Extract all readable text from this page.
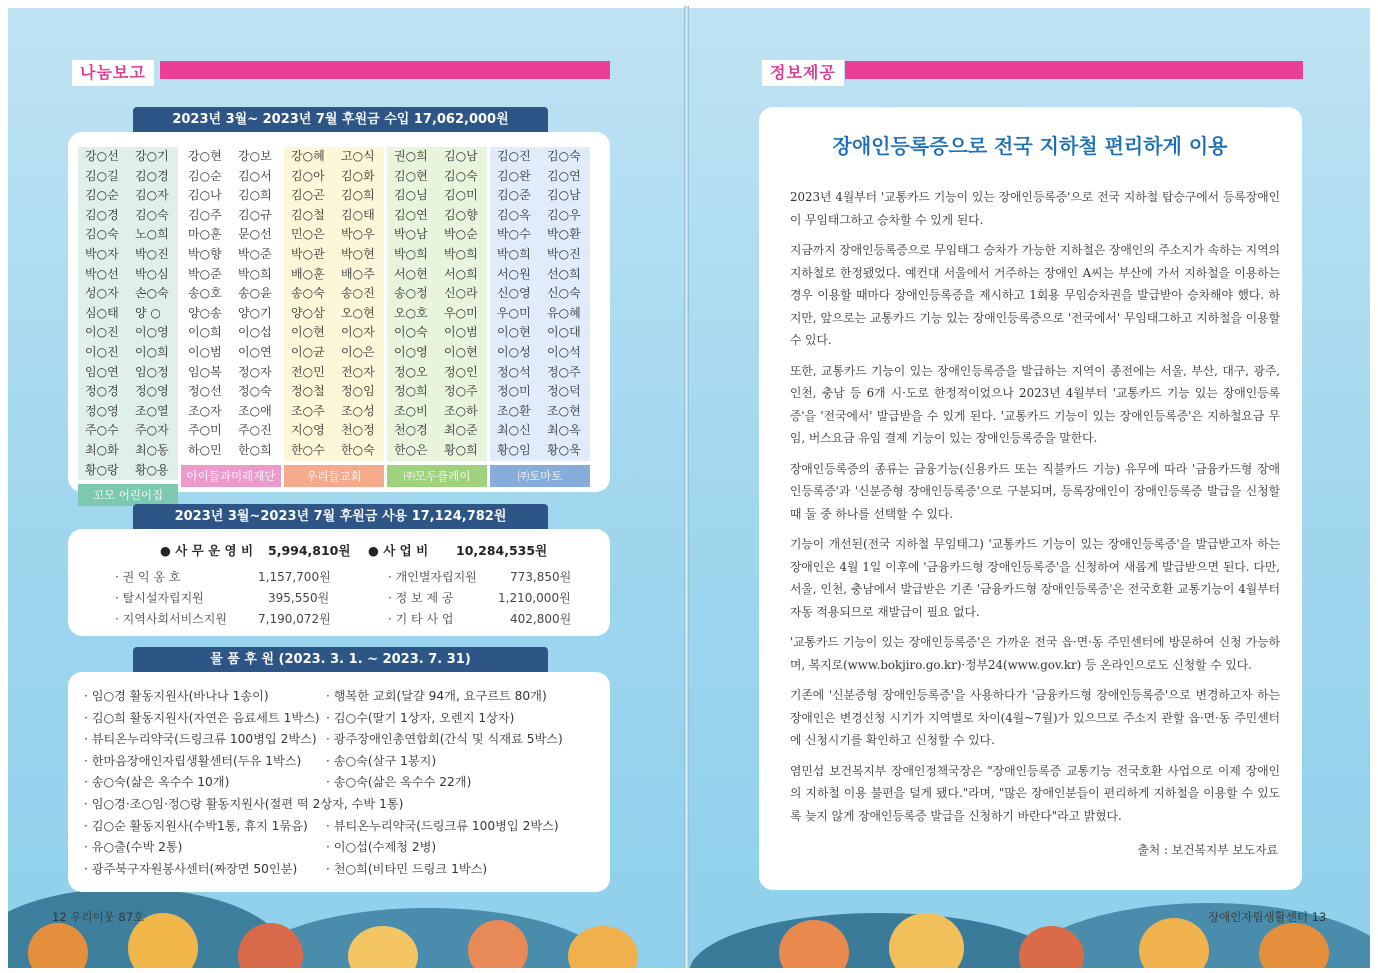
나눔보고
2023년 3월~ 2023년 7월 후원금 수입 17,062,000원
강○선	강○기
김○길	김○경
김○순	김○자
김○경	김○숙
김○숙	노○희
박○자	박○진
박○선	박○심
성○자	손○숙
심○태	양 ○
이○진	이○영
이○진	이○희
임○연	임○정
정○경	정○영
정○영	조○열
주○수	주○자
최○화	최○동
황○랑	황○용
꼬모 어린이집
강○현	강○보
김○순	김○서
김○나	김○희
김○주	김○규
마○훈	문○선
박○향	박○준
박○준	박○희
송○호	송○윤
양○송	양○기
이○희	이○섭
이○범	이○연
임○복	정○자
정○선	정○숙
조○자	조○애
주○미	주○진
하○민	한○희
아이들과미래재단
강○혜	고○식
김○아	김○화
김○곤	김○희
김○철	김○태
민○은	박○우
박○관	박○현
배○훈	배○주
송○숙	송○진
양○삼	오○현
이○현	이○자
이○균	이○은
전○민	전○자
정○철	정○임
조○주	조○성
지○영	천○정
한○수	한○숙
우리들교회
권○희	김○남
김○현	김○숙
김○님	김○미
김○연	김○향
박○남	박○순
박○희	박○희
서○현	서○희
송○정	신○라
오○호	우○미
이○숙	이○범
이○영	이○현
정○오	정○인
정○희	정○주
조○비	조○하
천○경	최○준
한○은	황○희
㈜모두플레이
김○진	김○숙
김○완	김○연
김○준	김○남
김○옥	김○우
박○수	박○환
박○희	박○진
서○원	선○희
신○영	신○숙
우○미	유○혜
이○현	이○대
이○성	이○석
정○석	정○주
정○미	정○덕
조○환	조○현
최○신	최○옥
황○임	황○욱
㈜토마토
2023년 3월~2023년 7월 후원금 사용 17,124,782원
● 사 무 운 영 비 5,994,810원 ● 사 업 비 10,284,535원
· 권 익 옹 호	1,157,700원
· 탈시설자립지원	395,550원
· 지역사회서비스지원	7,190,072원
· 개인별자립지원	773,850원
· 정 보 제 공	1,210,000원
· 기 타 사 업	402,800원
물 품 후 원 (2023. 3. 1. ~ 2023. 7. 31)
· 임○경 활동지원사(바나나 1송이)
· 김○희 활동지원사(자연은 음료세트 1박스)
· 뷰티온누리약국(드링크류 100병입 2박스)
· 한마음장애인자립생활센터(두유 1박스)
· 송○숙(삶은 옥수수 10개)
· 임○경·조○임·정○랑 활동지원사(절편 떡 2상자, 수박 1통)
· 김○순 활동지원사(수박1통, 휴지 1묶음)
· 유○출(수박 2통)
· 광주북구자원봉사센터(짜장면 50인분)
· 행복한 교회(달걀 94개, 요구르트 80개)
· 김○수(딸기 1상자, 오렌지 1상자)
· 광주장애인총연합회(간식 및 식재료 5박스)
· 송○숙(살구 1봉지)
· 송○숙(삶은 옥수수 22개)
· 뷰티온누리약국(드링크류 100병입 2박스)
· 이○섭(수제청 2병)
· 천○희(비타민 드링크 1박스)
12 우리이웃 87호
정보제공
장애인등록증으로 전국 지하철 편리하게 이용

2023년 4월부터 '교통카드 기능이 있는 장애인등록증'으로 전국 지하철 탑승구에서 등록장애인이 무임태그하고 승차할 수 있게 된다.

지금까지 장애인등록증으로 무임태그 승차가 가능한 지하철은 장애인의 주소지가 속하는 지역의 지하철로 한정됐었다. 예컨대 서울에서 거주하는 장애인 A씨는 부산에 가서 지하철을 이용하는 경우 이용할 때마다 장애인등록증을 제시하고 1회용 무임승차권을 발급받아 승차해야 했다. 하지만, 앞으로는 교통카드 기능 있는 장애인등록증으로 '전국에서' 무임태그하고 지하철을 이용할 수 있다.

또한, 교통카드 기능이 있는 장애인등록증을 발급하는 지역이 종전에는 서울, 부산, 대구, 광주, 인천, 충남 등 6개 시·도로 한정적이었으나 2023년 4월부터 '교통카드 기능 있는 장애인등록증'을 '전국에서' 발급받을 수 있게 된다. '교통카드 기능이 있는 장애인등록증'은 지하철요금 무임, 버스요금 유임 결제 기능이 있는 장애인등록증을 말한다.

장애인등록증의 종류는 금융기능(신용카드 또는 직불카드 기능) 유무에 따라 '금융카드형 장애인등록증'과 '신분증형 장애인등록증'으로 구분되며, 등록장애인이 장애인등록증 발급을 신청할 때 둘 중 하나를 선택할 수 있다.

기능이 개선된(전국 지하철 무임태그) '교통카드 기능이 있는 장애인등록증'을 발급받고자 하는 장애인은 4월 1일 이후에 '금융카드형 장애인등록증'을 신청하여 새롭게 발급받으면 된다. 다만, 서울, 인천, 충남에서 발급받은 기존 '금융카드형 장애인등록증'은 전국호환 교통기능이 4월부터 자동 적용되므로 재발급이 필요 없다.

'교통카드 기능이 있는 장애인등록증'은 가까운 전국 읍·면·동 주민센터에 방문하여 신청 가능하며, 복지로(www.bokjiro.go.kr)·정부24(www.gov.kr) 등 온라인으로도 신청할 수 있다.

기존에 '신분증형 장애인등록증'을 사용하다가 '금융카드형 장애인등록증'으로 변경하고자 하는 장애인은 변경신청 시기가 지역별로 차이(4월~7월)가 있으므로 주소지 관할 읍·면·동 주민센터에 신청시기를 확인하고 신청할 수 있다.

염민섭 보건복지부 장애인정책국장은 "장애인등록증 교통기능 전국호환 사업으로 이제 장애인의 지하철 이용 불편을 덜게 됐다."라며, "많은 장애인분들이 편리하게 지하철을 이용할 수 있도록 늦지 않게 장애인등록증 발급을 신청하기 바란다"라고 밝혔다.

출처 : 보건복지부 보도자료
장애인자립생활센터 13
